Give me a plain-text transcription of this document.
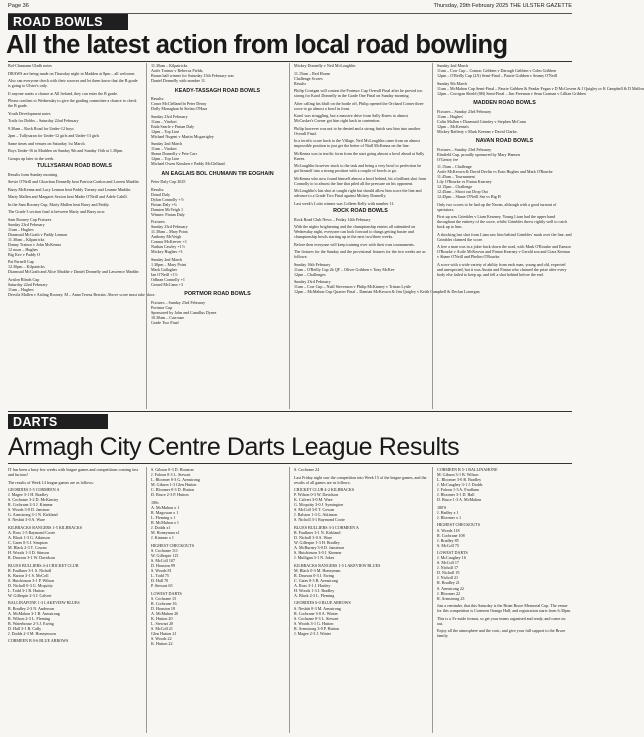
Page 36	Thursday, 29th February 2025 THE ULSTER GAZETTE
ROAD BOWLS
All the latest action from local road bowling

Bol-Chumann Uladh notes

DRAWS are being made on Thursday night in Madden at 8pm – all welcome.

Also can everyone check with their sources and let them know that the B grade is going to Ulster's only.

If anyone wants a chance at All Ireland, they can enter the B grade.

Please confirm to Wednesday to give the grading committee a chance to check the B grade.

Youth Development notes

Trails for Dobbs – Saturday 22nd February

9.30am – Rock Road for Under-12 boys

2pm – Tullysaran for Under-12 girls and Under-13 girls

Same times and venues on Saturday 1st March.

Boys Under-16 in Madden on Sunday 9th and Sunday 16th at 1.30pm.

Groups up later in the week.

TULLYSARAN ROAD BOWLS

Results from Sunday morning

Stevie O'Neill and Gloachan Donnelly beat Patricia Conlon and Loreen Maddie.

Barry McKenna and Lacy Lennon beat Paddy Tierney and Leanne Maddie.

Marty Mallen and Margaret Sexton beat Madie O'Neill and Adele Cahill.

In the Sam Rooney Cup, Marty Mullen beat Barry and Paddy.

The Grade 3 section final is between Marty and Barry now.

Sam Rooney Cup Fixtures
Sunday 23rd February
11am – Hughes
Diarmuid McGrath v Paddy Lennon
11.30am – Kilpatricks
Danny Trainor v John McKenna
12 noon – Hughes
Big Kev v Paddy O
Pat Parnell Cup
12.30pm – Kilpatricks
Diarmuid McGrath and Alice Maddie v Daniel Donnelly and Lawrence Maddie.
Avalon Blinds Cup
Saturday 22nd February
11am – Hughes
Dervila Mallen v Aisling Rooney. M – Anna Teresa Berrain. Above score must take place.
11.30am – Kilpatricks
Aoife Trainor v Rebecca Fields,
Bonus ball winner for Saturday 15th February was
Daniel Donnelly with number 11.
KEADY-TASSAGH ROAD BOWLS
Results:
Conor McClelland bt Peter Deasy
Dolly Monaghan bt Stefan O'Hara
Sunday 23rd February
11am – Viaduct
Enda Searle v Fintan Daly
12pm – Top Line
Michael Nugent v Martin Mcgarrigley
Sunday 2nd March
11am – Viaduct
Shaun Donnelly v Pete Carr
12pm – Top Line
Michael Owen Kinsken v Paddy McClelland.
AN EAGLAIS BOL CHUMANN TIR EOGHAIN

Peter Daly Cup 2025

Results:
Donal Daly
Dylan Connolly +½
Fintan Daly +¾
Damien McVeigh 1
Winner: Fintan Daly
Fixtures:
Sunday 23rd February
11.30am – Mary Point
Anthony McVeigh
Connor McKeever +1
Nathan Cawley +1½
Mickey Hughes +3
Sunday 2nd March
1.30pm – Mary Point
Mark Gallagher
Ian O'Neill +1½
Odhran Connolly +1
Gerard McCann +3
PORTMOR ROAD BOWLS
Fixtures – Sunday 23rd February
Portmor Cup
Sponsored by John and Camillus Dynes
10.30am – Carrouse
Grade Two Final

Mickey Donnelly v Neil McLoughlin

11.15am – Red House
Challenge Scores
Results

Philip Corrigan will contest the Portmor Cup Overall Final after he proved too strong for Karol Donnelly in the Grade One Final on Sunday morning.

After calling his bluff on the bottle off, Philip opened the Orchard Corner three score to go almost a bowl in front.

Karol was struggling, but a massive drive from Sally Knees to almost McCusker's Corner got him right back in contention.

Philip however was not to be denied and a strong finish saw him into another Overall Final.

In a terrific score back to the Village, Neil McLoughlin came from an almost impossible position to just get the better of Niall McKenna on the line.

McKenna was in terrific form from the start going almost a bowl ahead at Sally Knees.

McLoughlin however stuck to the task and being a very bowl to perfection he got himself into a strong position with a couple of bowls to go.

McKenna who now found himself almost a bowl behind, hit a brilliant shot from Connolly to to almost the line that piled all the pressure on his opponent.

McLoughlin's last shot at caught right but should allow him score the line and advance to a Grade Two Final against Mickey Donnelly.

Last week's Lotto winner was Colleen Kelly with number 11.

ROCK ROAD BOWLS

Rock Road Club News – Friday 14th February

With the nights brightening and the championship entries all submitted on Wednesday night, everyone can look forward to things getting busier and championship bowls starting up in the next two/three weeks.

Before then everyone will keep training over with their own tournaments.

The fixtures for the Sunday and the provisional fixtures for the two weeks are as follows:

Sunday 16th February
11am – O'Reilly Cup 2b QF – Oliver Gribben v Tony McKee
12pm – Challenges
Sunday 23rd February
11am – Corr Cup – Niall Stevenson v Philip McKinney v Tristan Lyttle
12pm – McMahon Cup Quarter Final – Damian McKeown & Jim Quigley v Keith Campbell & Declan Lonergan
Sunday 2nd March
11am – Corr Cup – Connac Gribben v Darragh Gribben v Colm Gribben
12pm – O'Reilly Cup (2A) Semi-Final – Paurie Gribben v Seamy O'Neill
Sunday 9th March
11am – McMahon Cup Semi-Final – Paurie Gribben & Peadar Fegan v D McGovern & J Quigley or K Campbell & D Mallon
12pm – Corrigan Shield (SB) Semi-Final – Jim Freeman v Sean Gorman v Lillian Gribben
MADDEN ROAD BOWLS
Fixtures – Sunday 23rd February
11am – Hughes'
Colin Mallon v Diarmuid Grimley v Stephen McCann
12pm – McKenna's
Mickey Rafferty v Mark Keenan v David Clarke.
NAVAN ROAD BOWLS
Fixtures – Sunday 23rd February
Elmfield Cup, proudly sponsored by Mary Hansen
O'Gentry fee
11.15am – Challenge
Aoife McKeown & David Devlin vs Eoin Hughes and Mark O'Rourke
11.45am – Tournament
Lily O'Rourke vs Fintan Kearney
12.15pm – Challenge
12.45am – Shoot out Drop Out
12.45pm – Shane O'Neill Snr vs Big H

Only two scores to be had up the Navan, although with a good turnout of spectators.

First up was Grimbles v Liam Kearney. Young Liam had the upper hand throughout the entirety of the score, whilst Grimbles threw rightly well to catch back up to him.

A shocking last shot from Liam saw him behind Grimbles' mark over the line, and Grimbles claimed the score.

A free a man was in a joker back down the road, with Mark O'Rourke and Eamon O'Rourke v Aoife McKeown and Fintan Kearney v Gerald son and Ciara Keenan v Shane O'Neill and Phelim O'Rourke.

A score with a wide variety of ability from each man, young and old, expected and unexpected, but it was Austin and Fintan who claimed the prize after every body else failed to keep up, and fell a shot behind before the end.

DARTS
Armagh City Centre Darts League Results

IT has been a busy few weeks with league games and competitions coming fast and furious!

The results of Week 14 league games are as follows:

GEORDIES 5-5 CORMEEN A
J. Magee 3-1 H. Bradley
S. Cochrane 3-2 D. McKinstry
R. Cochrane 2-3 J. Kinnear
S. Woods 3-0 D. Jamison
G. Armstrong 3-1 N. Kirkland
S. Nesbitt 3-0 A. Ware
KILBRACKS RANGERS 1-5 KILBRACKS
A. Ross 1-3 Raymond Coote
A. Black 1-3 G. Atkinson
C. Gates 0-3 J. Simpson
M. Black 2-3 T. Cowan
H. Woods 1-3 D. Stinson
R. Dawson 3-1 W. Davidson
BLUES BULLIERS 4-4 CRICKET CLUB
R. Faulkner 3-1 S. Nicholl
K. Barton 3-1 S. McColl
S. Hutchinson 3-1 P. Wilson
D. Nicholl 0-3 G. Mcquitty
L. Todd 3-1 R. Hutton
W. Gillespie 2-3 J. Calvert
BALLINAFONE 1-3 LAKEVIEW BLUES
R. Bradley 2-3 N. Anderson
A. McMahon 3-1 B. Armstrong
R. Wilson 2-3 L. Fleming
B. Waterhouse 2-3 J. Ewing
D. Hall 3-1 B. Cally
J. Dodds 2-3 M. Honeymoon
CORMEEN B 0-6 BLUE ARROWS
S. Gibson 0-3 D. Houston
J. Faloon 0-3 L. Stewart
L. Bloomer 0-3 G. Armstrong
M. Gibson 1-3 Glen Hutton
C. Bloomer 0-3 D. Hutton
D. Bruce 2-3 P. Hutton
180s
A. McMahon x 1
R. Magowan x 1
L. Fleming x 1
B. McMahon x 1
J. Dodds x1
M. Honeyman x1
J. Kinnear x 1
HIGHEST CHECKOUTS
S. Cochrane 111
W. Gillespie 115
S. McColl 107
D. Houston 99
S. Woods 81
L. Todd 75
D. Hall 70
P. Stewart 65
LOWEST DARTS
S. Cochrane 15
R. Cochrane 16
D. Houston 18
A. McMahon 20
K. Hutton 20
L. Stewart 20
S. McColl 21
Glen Hutton 21
S. Woods 22
K. Hutton 22

S. Cochrane 24

Last Friday night saw the competition into Week 15 of the league games, and the results of all games are as follows:

CRICKET CLUB 4-2 KILBRACKS
P. Wilson 0-3 W. Davidson
K. Calvert 3-0 M. Ware
G. Mcquitty 3-0 J. Symington
S. McColl 3-0 T. Cowan
J. Ralston 1-3 G. Atkinson
S. Nicholl 3-1 Raymond Coote
BLUES BULLIERS 3-3 CORMEEN A
R. Faulkner 3-1 N. Kirkland
D. Nicholl 3-0 A. Ware
W. Gillespie 1-3 H. Bradley
A. McBurney 3-0 D. Jamieson
S. Hutchinson 3-0 J. Kinnear
J. Mulligan 3-1 N. Jokes
KILBRACKS RANGERS 1-5 LAKEVIEW BLUES
M. Black 0-3 M. Honeyman
R. Dawson 0-3 J. Ewing
C. Gates 0-3 B. Armstrong
A. Ross 3-1 J. Hartley
H. Woods 1-3 J. Bradley
A. Black 2-3 L. Fleming
GEORDIES 6-0 BLUE ARROWS
S. Nesbitt 0-3 M. Armstrong
R. Cochrane 3-0 A. Winter
S. Cochrane 0-3 L. Stewart
S. Woods 3-1 G. Hutton
R. Armstrong 3-0 P. Hutton
J. Magee 2-3 J. Winter
CORMEEN B 5-1 BALLINAHONE
M. Gibson 3-1 B. Wilson
L. Bloomer 3-0 R. Bradley
J. McCaughey 3-1 J. Dodds
J. Faloon 1-3 A. Fradham
J. Bloomer 3-1 D. Hall
D. Bruce 1-3 A. McMahon
180'S
J. Hadley x 1
J. Bloomer x 1
HIGHEST CHECKOUTS
S. Woods 118
R. Cochrane 108
J. Bradley 85
S. McColl 75
LOWEST DARTS
J. McCaughey 16
S. McColl 17
J. Nicholl 17
D. Nicholl 19
J. Nicholl 21
R. Bradley 21
S. Armstrong 22
J. Bloomer 22
R. Armstrong 23

Just a reminder, that this Saturday is the Brian Bruce Memorial Cup. The venue for this competition is Cormeen Orange Hall, and registration starts from 6.30pm.

This is a 3's-aside format, so get your teams organised and ready, and come on out.

Enjoy all the atmosphere and the craic, and give your full support to the Bruce family.
